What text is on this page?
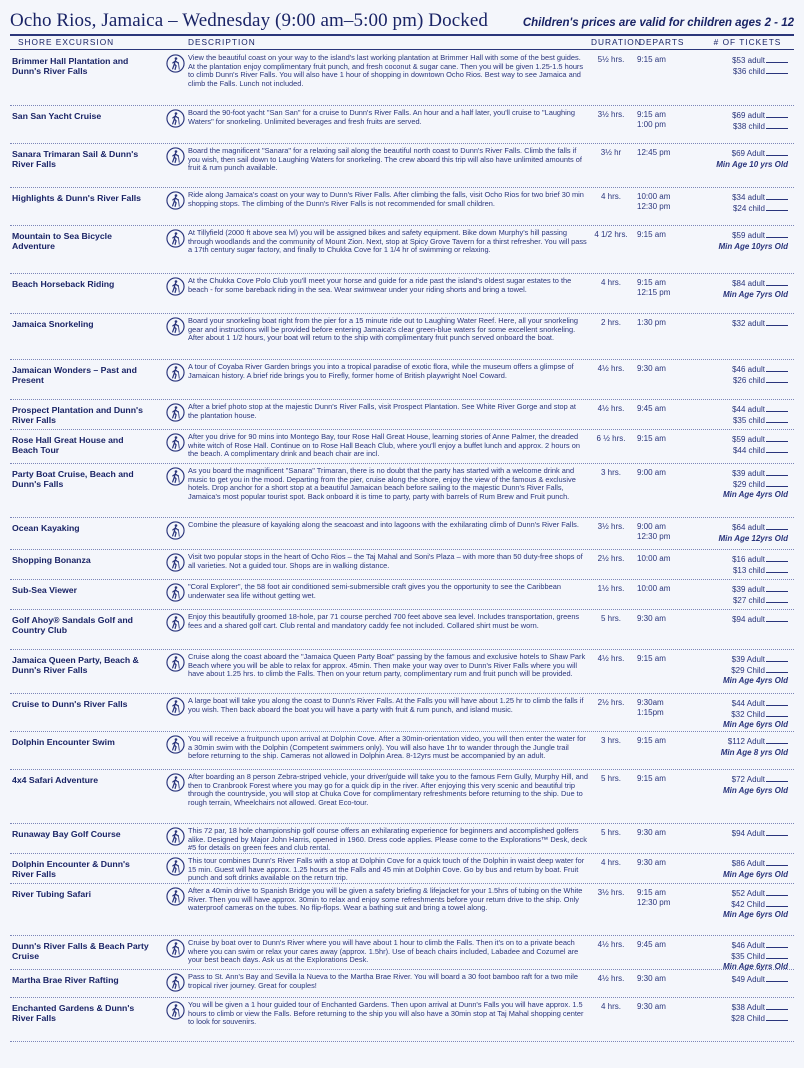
Ocho Rios, Jamaica – Wednesday (9:00 am–5:00 pm) Docked	Children's prices are valid for children ages 2 - 12
SHORE EXCURSION	DESCRIPTION	DURATION
DEPARTS	# OF TICKETS
Brimmer Hall Plantation and Dunn's River Falls
View the beautiful coast on your way to the island's last working plantation at Brimmer Hall with some of the best guides. At the plantation enjoy complimentary fruit punch, and fresh coconut & sugar cane. Then you will be given 1.25-1.5 hours to climb Dunn's River Falls. You will also have 1 hour of shopping in downtown Ocho Rios. Best way to see Jamaica and climb the Falls. Lunch not included.
5½ hrs.	9:15 am	$53 adult
$36 child
San San Yacht Cruise	Board the 90-foot yacht "San San" for a cruise to Dunn's River Falls. An hour and a half later, you'll cruise to "Laughing Waters" for snorkeling. Unlimited beverages and fresh fruits are served.
3½ hrs.	9:15 am
1:00 pm
$69 adult
$38 child
Sanara Trimaran Sail & Dunn's River Falls
Board the magnificent "Sanara" for a relaxing sail along the beautiful north coast to Dunn's River Falls. Climb the falls if you wish, then sail down to Laughing Waters for snorkeling. The crew aboard this trip will also have unlimited amounts of fruit & rum punch available.
3½ hr	12:45 pm	$69 Adult
Min Age 10 yrs Old
Highlights & Dunn's River Falls	Ride along Jamaica's coast on your way to Dunn's River Falls. After climbing the falls, visit Ocho Rios for two brief 30 min shopping stops. The climbing of the Dunn's River Falls is not recommended for small children.
4 hrs.	10:00 am
12:30 pm
$34 adult
$24 child
Mountain to Sea Bicycle Adventure
At Tillyfield (2000 ft above sea lvl) you will be assigned bikes and safety equipment. Bike down Murphy's hill passing through woodlands and the community of Mount Zion. Next, stop at Spicy Grove Tavern for a thirst refresher. You will pass a 17th century sugar factory, and finally to Chukka Cove for 1 1/4 hr of swimming or relaxing.
4 1/2 hrs.	9:15 am	$59 adult
Min Age 10yrs Old
Beach Horseback Riding	At the Chukka Cove Polo Club you'll meet your horse and guide for a ride past the island's oldest sugar estates to the beach - for some bareback riding in the sea. Wear swimwear under your riding shorts and bring a towel.
4 hrs.	9:15 am
12:15 pm
$84 adult
Min Age 7yrs Old
Jamaica Snorkeling	Board your snorkeling boat right from the pier for a 15 minute ride out to Laughing Water Reef. Here, all your snorkeling gear and instructions will be provided before entering Jamaica's clear green-blue waters for some excellent snorkeling. After about 1 1/2 hours, your boat will return to the ship with complimentary fruit punch served onboard the boat.
2 hrs.	1:30 pm	$32 adult
Jamaican Wonders – Past and Present
A tour of Coyaba River Garden brings you into a tropical paradise of exotic flora, while the museum offers a glimpse of Jamaican history. A brief ride brings you to Firefly, former home of British playwright Noel Coward.
4½ hrs.	9:30 am	$46 adult
$26 child
Prospect Plantation and Dunn's River Falls
After a brief photo stop at the majestic Dunn's River Falls, visit Prospect Plantation. See White River Gorge and stop at the plantation house.
4½ hrs.	9:45 am	$44 adult
$35 child
Rose Hall Great House and Beach Tour
After you drive for 90 mins into Montego Bay, tour Rose Hall Great House, learning stories of Anne Palmer, the dreaded white witch of Rose Hall. Continue on to Rose Hall Beach Club, where you'll enjoy a buffet lunch and approx. 2 hours on the beach. A complimentary drink and beach chair are incl.
6 ½ hrs.	9:15 am	$59 adult
$44 child
Party Boat Cruise, Beach and Dunn's Falls
As you board the magnificent "Sanara" Trimaran, there is no doubt that the party has started with a welcome drink and music to get you in the mood. Departing from the pier, cruise along the shore, enjoy the view of the famous & exclusive hotels. Drop anchor for a short stop at a beautiful Jamaican beach before sailing to the majestic Dunn's River Falls, Jamaica's most popular tourist spot. Back onboard it is time to party, party with barrels of Rum Brew and Fruit punch.
3 hrs.	9:00 am	$39 adult
$29 child
Min Age 4yrs Old
Ocean Kayaking	Combine the pleasure of kayaking along the seacoast and into lagoons with the exhilarating climb of Dunn's River Falls.	3½ hrs.	9:00 am
12:30 pm
$64 adult
Min Age 12yrs Old
Shopping Bonanza	Visit two popular stops in the heart of Ocho Rios – the Taj Mahal and Soni's Plaza – with more than 50 duty-free shops of all varieties. Not a guided tour. Shops are in walking distance.
2½ hrs.	10:00 am	$16 adult
$13 child
Sub-Sea Viewer	"Coral Explorer", the 58 foot air conditioned semi-submersible craft gives you the opportunity to see the Caribbean underwater sea life without getting wet.
1½ hrs.	10:00 am	$39 adult
$27 child
Golf Ahoy® Sandals Golf and Country Club
Enjoy this beautifully groomed 18-hole, par 71 course perched 700 feet above sea level. Includes transportation, greens fees and a shared golf cart. Club rental and mandatory caddy fee not included. Collared shirt must be worn.
5 hrs.	9:30 am	$94 adult
Jamaica Queen Party, Beach & Dunn's River Falls
Cruise along the coast aboard the "Jamaica Queen Party Boat" passing by the famous and exclusive hotels to Shaw Park Beach where you will be able to relax for approx. 45min. Then make your way over to Dunn's River Falls where you will have about 1.25 hrs. to climb the Falls. Then on your return party, complimentary rum and fruit punch will be provided.
4½ hrs.	9:15 am	$39 Adult
$29 Child
Min Age 4yrs Old
Cruise to Dunn's River Falls	A large boat will take you along the coast to Dunn's River Falls. At the Falls you will have about 1.25 hr to climb the falls if you wish. Then back aboard the boat you will have a party with fruit & rum punch, and island music.
2½ hrs.	9:30am
1:15pm
$44 Adult
$32 Child
Min Age 6yrs Old
Dolphin Encounter Swim	You will receive a fruitpunch upon arrival at Dolphin Cove. After a 30min-orientation video, you will then enter the water for a 30min swim with the Dolphin (Competent swimmers only). You will also have 1hr to wander through the Jungle trail before returning to the ship. Cameras not allowed in Dolphin Area. 8-12yrs must be accompanied by an adult.
3 hrs.	9:15 am	$112 Adult
Min Age 8 yrs Old
4x4 Safari Adventure	After boarding an 8 person Zebra-striped vehicle, your driver/guide will take you to the famous Fern Gully, Murphy Hill, and then to Cranbrook Forest where you may go for a quick dip in the river. After enjoying this very scenic and beautiful trip through the countryside, you will stop at Chuka Cove for complimentary refreshments before returning to the ship. Due to rough terrain, Wheelchairs not allowed. Great Eco-tour.
5 hrs.	9:15 am	$72 Adult
Min Age 6yrs Old
Runaway Bay Golf Course	This 72 par, 18 hole championship golf course offers an exhilarating experience for beginners and accomplished golfers alike. Designed by Major John Harris, opened in 1960. Dress code applies. Please come to the Explorations™ Desk, deck #5 for details on green fees and club rental.
5 hrs.	9:30 am	$94 Adult
Dolphin Encounter & Dunn's River Falls
This tour combines Dunn's River Falls with a stop at Dolphin Cove for a quick touch of the Dolphin in waist deep water for 15 min. Guest will have approx. 1.25 hours at the Falls and 45 min at Dolphin Cove. Go by bus and return by boat. Fruit punch and soft drinks available on the return trip.
4 hrs.	9:30 am	$86 Adult
Min Age 6yrs Old
River Tubing Safari	After a 40min drive to Spanish Bridge you will be given a safety briefing & lifejacket for your 1.5hrs of tubing on the White River. Then you will have approx. 30min to relax and enjoy some refreshments before your return drive to the ship. Only waterproof cameras on the tubes. No flip-flops. Wear a bathing suit and bring a towel along.
3½ hrs.	9:15 am
12:30 pm
$52 Adult
$42 Child
Min Age 6yrs Old
Dunn's River Falls & Beach Party Cruise
Cruise by boat over to Dunn's River where you will have about 1 hour to climb the Falls. Then it's on to a private beach where you can swim or relax your cares away (approx. 1.5hr). Use of beach chairs included, Labadee and Cozumel are your best beach days. Ask us at the Explorations Desk.
4½ hrs.	9:45 am	$46 Adult
$35 Child
Min Age 6yrs Old
Martha Brae River Rafting	Pass to St. Ann's Bay and Sevilla la Nueva to the Martha Brae River. You will board a 30 foot bamboo raft for a two mile tropical river journey. Great for couples!
4½ hrs.	9:30 am	$49 Adult
Enchanted Gardens & Dunn's River Falls
You will be given a 1 hour guided tour of Enchanted Gardens. Then upon arrival at Dunn's Falls you will have approx. 1.5 hours to climb or view the Falls. Before returning to the ship you will also have a 30min stop at Taj Mahal shopping center to look for souvenirs.
4 hrs.	9:30 am	$38 Adult
$28 Child
